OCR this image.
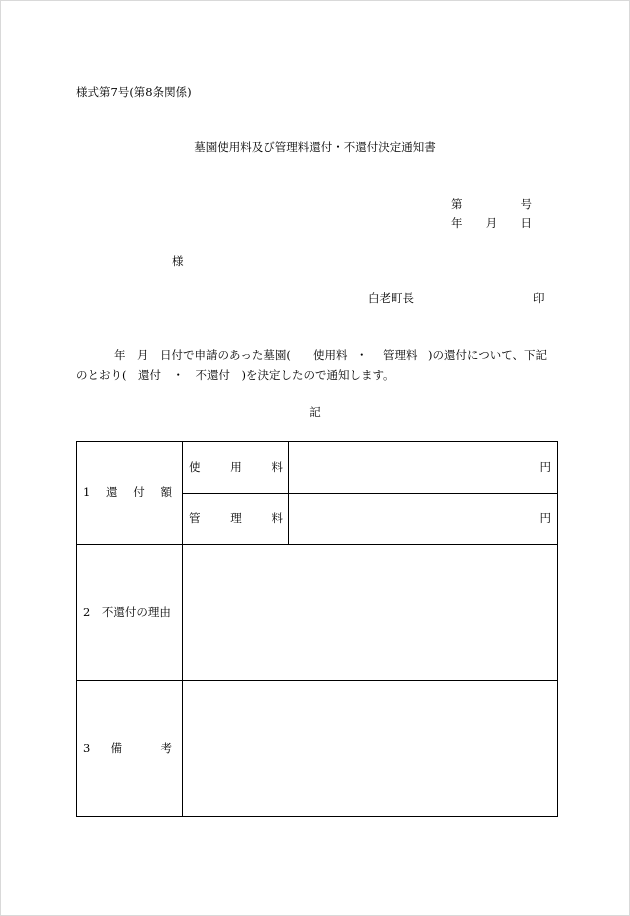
様式第7号(第8条関係)
墓園使用料及び管理料還付・不還付決定通知書
第	号
年 月 日
様
白老町長	印
年 月 日付で申請のあった墓園( 使用料 ・ 管理料 )の還付について、下記
のとおり(　還付　・　不還付　)を決定したので通知します。
記
1 還 付 額	使 用 料	円

	管 理 料	円
2　不還付の理由		

3 備 考		
